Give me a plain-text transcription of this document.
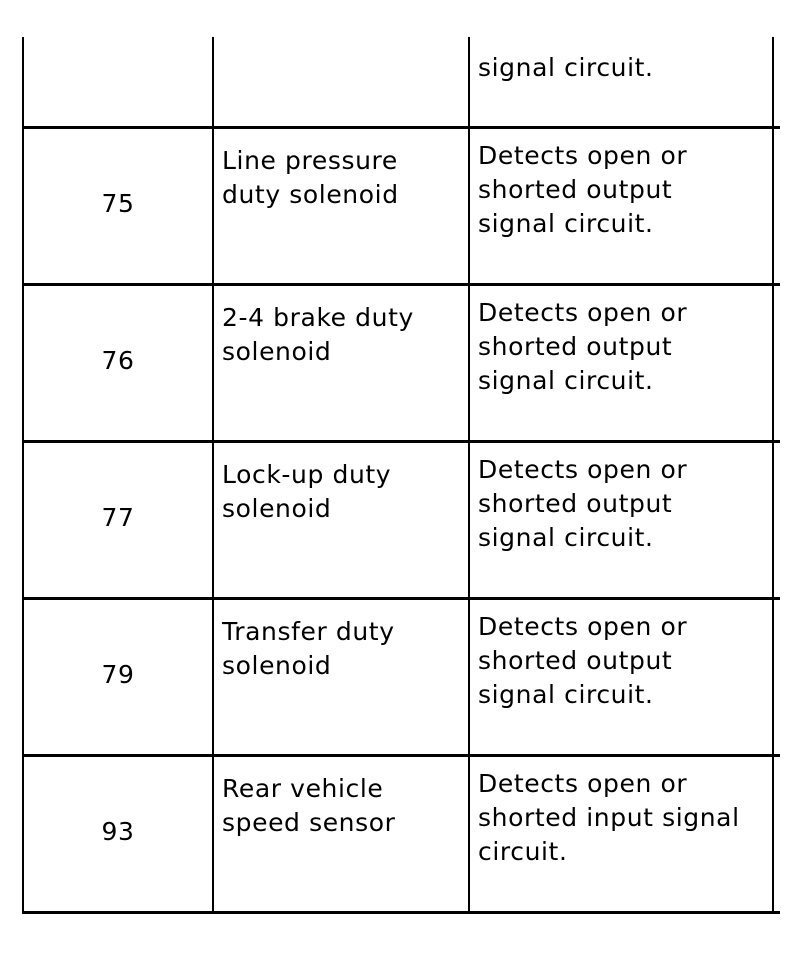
signal circuit.
75
Line pressure
duty solenoid
Detects open or
shorted output
signal circuit.
76
2-4 brake duty
solenoid
Detects open or
shorted output
signal circuit.
77
Lock-up duty
solenoid
Detects open or
shorted output
signal circuit.
79
Transfer duty
solenoid
Detects open or
shorted output
signal circuit.
93
Rear vehicle
speed sensor
Detects open or
shorted input signal
circuit.
